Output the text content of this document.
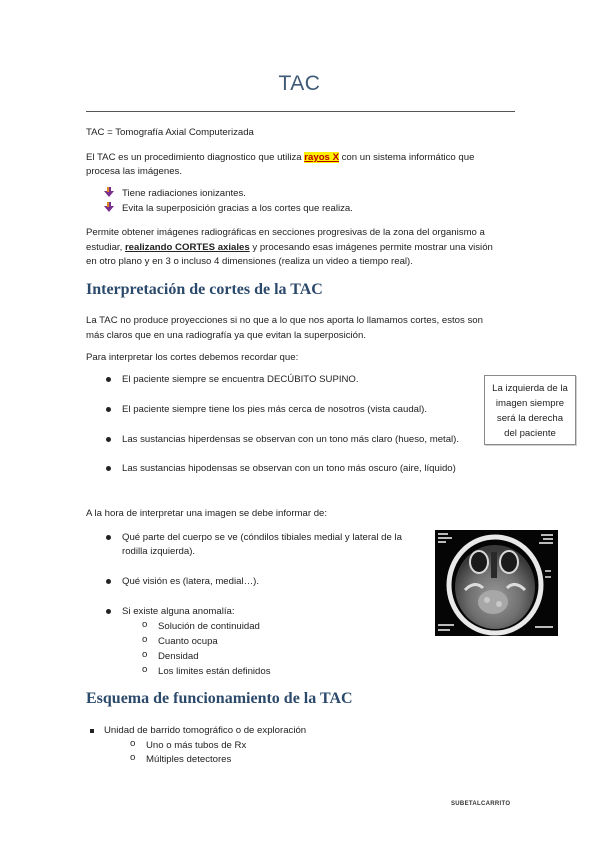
TAC
TAC = Tomografía Axial Computerizada
El TAC es un procedimiento diagnostico que utiliza rayos X con un sistema informático que
procesa las imágenes.
Tiene radiaciones ionizantes.
Evita la superposición gracias a los cortes que realiza.
Permite obtener imágenes radiográficas en secciones progresivas de la zona del organismo a
estudiar, realizando CORTES axiales y procesando esas imágenes permite mostrar una visión
en otro plano y en 3 o incluso 4 dimensiones (realiza un video a tiempo real).
Interpretación de cortes de la TAC
La TAC no produce proyecciones si no que a lo que nos aporta lo llamamos cortes, estos son
más claros que en una radiografía ya que evitan la superposición.
Para interpretar los cortes debemos recordar que:
El paciente siempre se encuentra DECÚBITO SUPINO.
El paciente siempre tiene los pies más cerca de nosotros (vista caudal).
Las sustancias hiperdensas se observan con un tono más claro (hueso, metal).
Las sustancias hipodensas se observan con un tono más oscuro (aire, líquido)
La izquierda de la
imagen siempre
será la derecha
del paciente
A la hora de interpretar una imagen se debe informar de:
Qué parte del cuerpo se ve (cóndilos tibiales medial y lateral de la
rodilla izquierda).
Qué visión es (latera, medial…).
Si existe alguna anomalía:
o Solución de continuidad
o Cuanto ocupa
o Densidad
o Los limites están definidos
Esquema de funcionamiento de la TAC
Unidad de barrido tomográfico o de exploración
o Uno o más tubos de Rx
o Múltiples detectores
SUBETALCARRITO
